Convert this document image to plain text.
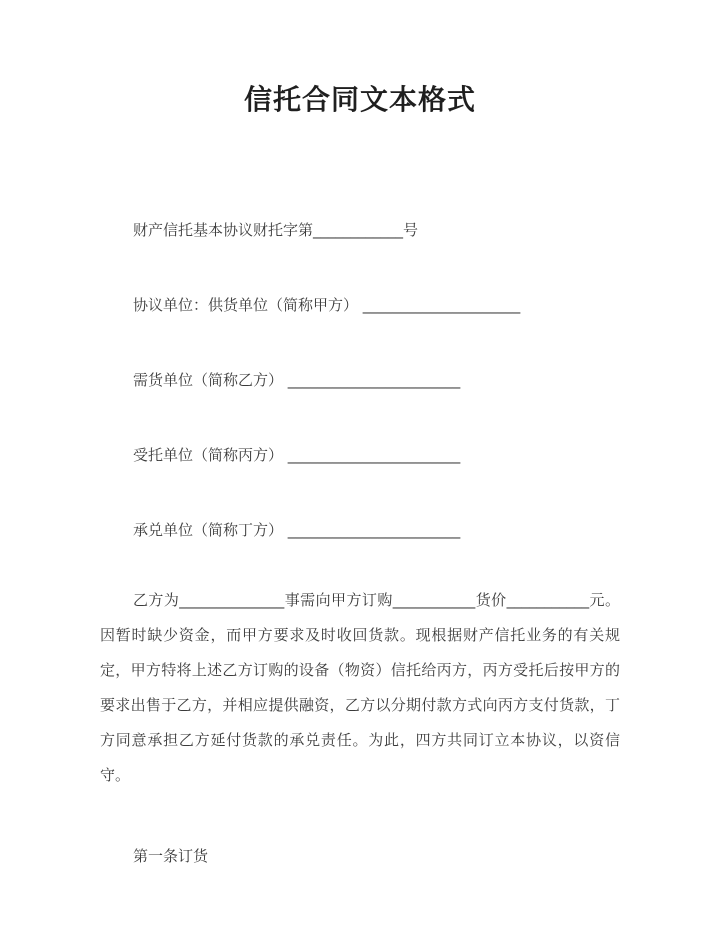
信托合同文本格式
财产信托基本协议财托字第____________号
协议单位：供货单位（简称甲方） _____________________
需货单位（简称乙方） _______________________
受托单位（简称丙方） _______________________
承兑单位（简称丁方） _______________________

乙方为______________事需向甲方订购___________货价___________元。因暂时缺少资金，而甲方要求及时收回货款。现根据财产信托业务的有关规定，甲方特将上述乙方订购的设备（物资）信托给丙方，丙方受托后按甲方的要求出售于乙方，并相应提供融资，乙方以分期付款方式向丙方支付货款，丁方同意承担乙方延付货款的承兑责任。为此，四方共同订立本协议，以资信守。

第一条订货
